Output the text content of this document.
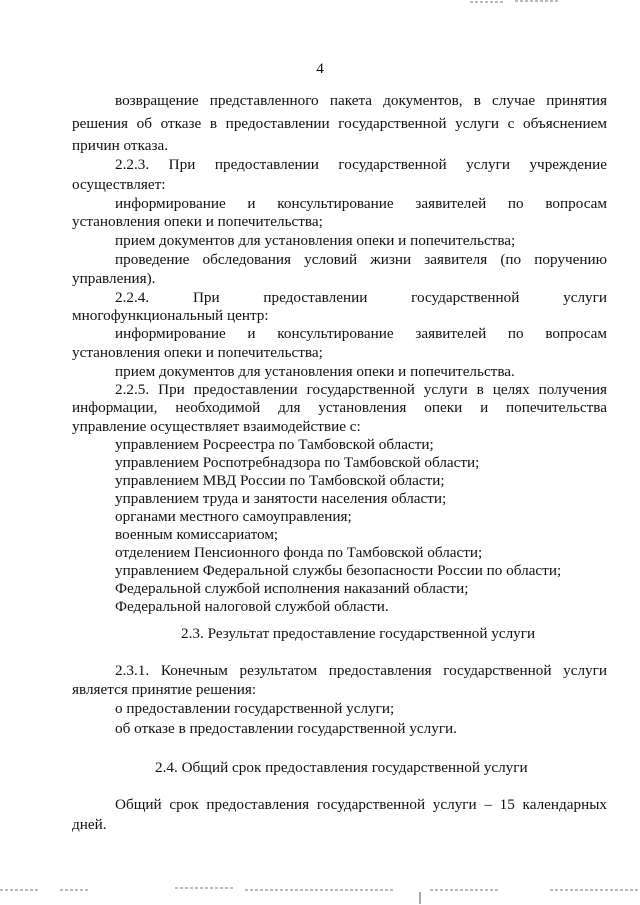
4
возвращение представленного пакета документов, в случае принятия
решения об отказе в предоставлении государственной услуги с объяснением
причин отказа.
2.2.3. При предоставлении государственной услуги учреждение
осуществляет:
информирование и консультирование заявителей по вопросам
установления опеки и попечительства;
прием документов для установления опеки и попечительства;
проведение обследования условий жизни заявителя (по поручению
управления).
2.2.4. При предоставлении государственной услуги
многофункциональный центр:
информирование и консультирование заявителей по вопросам
установления опеки и попечительства;
прием документов для установления опеки и попечительства.
2.2.5. При предоставлении государственной услуги в целях получения
информации, необходимой для установления опеки и попечительства
управление осуществляет взаимодействие с:
управлением Росреестра по Тамбовской области;
управлением Роспотребнадзора по Тамбовской области;
управлением МВД России по Тамбовской области;
управлением труда и занятости населения области;
органами местного самоуправления;
военным комиссариатом;
отделением Пенсионного фонда по Тамбовской области;
управлением Федеральной службы безопасности России по области;
Федеральной службой исполнения наказаний области;
Федеральной налоговой службой области.
2.3. Результат предоставление государственной услуги
2.3.1. Конечным результатом предоставления государственной услуги
является принятие решения:
о предоставлении государственной услуги;
об отказе в предоставлении государственной услуги.
2.4. Общий срок предоставления государственной услуги
Общий срок предоставления государственной услуги – 15 календарных
дней.
